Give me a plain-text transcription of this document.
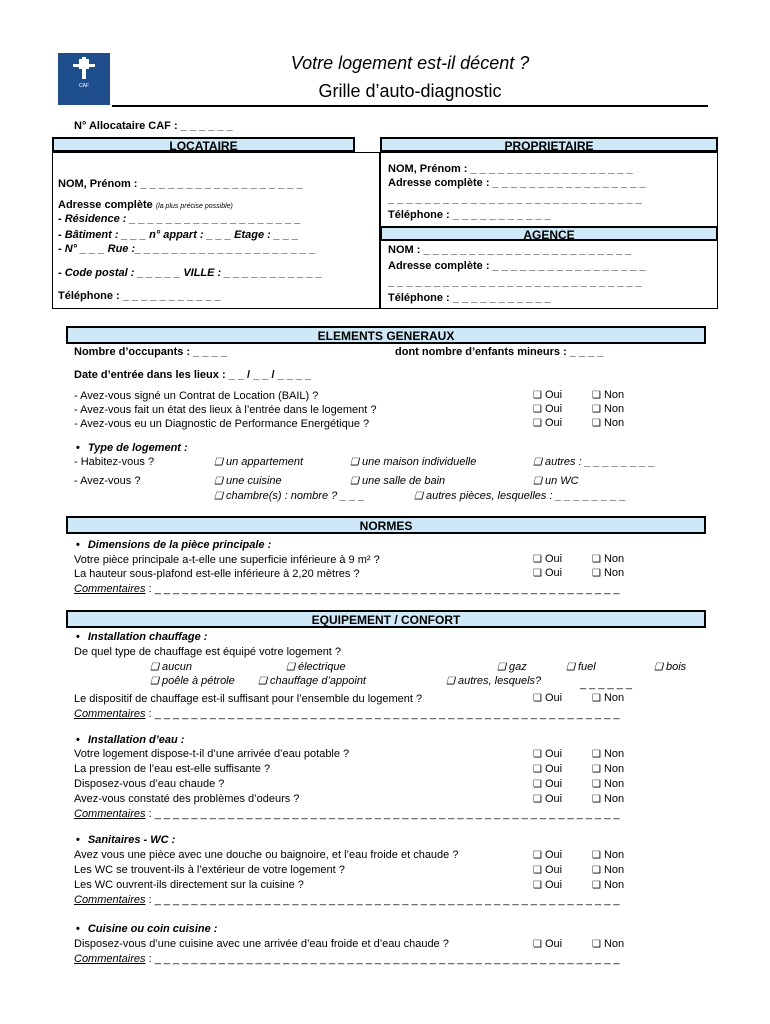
CAF
Votre logement est-il décent ?
Grille d’auto-diagnostic
N° Allocataire CAF : _ _ _ _ _ _
LOCATAIRE	PROPRIETAIRE
NOM, Prénom : _ _ _ _ _ _ _ _ _ _ _ _ _ _ _ _ _ _
Adresse complète (la plus précise possible)
- Résidence : _ _ _ _ _ _ _ _ _ _ _ _ _ _ _ _ _ _ _
- Bâtiment : _ _ _ n° appart : _ _ _ Etage : _ _ _
- N° _ _ _ Rue :_ _ _ _ _ _ _ _ _ _ _ _ _ _ _ _ _ _ _ _
- Code postal : _ _ _ _ _ VILLE : _ _ _ _ _ _ _ _ _ _ _
Téléphone : _ _ _ _ _ _ _ _ _ _ _
NOM, Prénom : _ _ _ _ _ _ _ _ _ _ _ _ _ _ _ _ _ _
Adresse complète : _ _ _ _ _ _ _ _ _ _ _ _ _ _ _ _ _
_ _ _ _ _ _ _ _ _ _ _ _ _ _ _ _ _ _ _ _ _ _ _ _ _ _ _ _
Téléphone : _ _ _ _ _ _ _ _ _ _ _
AGENCE
NOM : _ _ _ _ _ _ _ _ _ _ _ _ _ _ _ _ _ _ _ _ _ _ _
Adresse complète : _ _ _ _ _ _ _ _ _ _ _ _ _ _ _ _ _
_ _ _ _ _ _ _ _ _ _ _ _ _ _ _ _ _ _ _ _ _ _ _ _ _ _ _ _
Téléphone : _ _ _ _ _ _ _ _ _ _ _
ELEMENTS GENERAUX
Nombre d’occupants : _ _ _ _	dont nombre d’enfants mineurs : _ _ _ _
Date d’entrée dans les lieux : _ _ / _ _ / _ _ _ _
- Avez-vous signé un Contrat de Location (BAIL) ?	❑ Oui	❑ Non
- Avez-vous fait un état des lieux à l’entrée dans le logement ?	❑ Oui	❑ Non
- Avez-vous eu un Diagnostic de Performance Energétique ?	❑ Oui	❑ Non
• Type de logement :
- Habitez-vous ?	❑ un appartement	❑ une maison individuelle	❑ autres : _ _ _ _ _ _ _ _
- Avez-vous ?	❑ une cuisine	❑ une salle de bain	❑ un WC
❑ chambre(s) : nombre ? _ _ _	❑ autres pièces, lesquelles : _ _ _ _ _ _ _ _
NORMES
• Dimensions de la pièce principale :
Votre pièce principale a-t-elle une superficie inférieure à 9 m² ?	❑ Oui	❑ Non
La hauteur sous-plafond est-elle inférieure à 2,20 mètres ?	❑ Oui	❑ Non
Commentaires : _ _ _ _ _ _ _ _ _ _ _ _ _ _ _ _ _ _ _ _ _ _ _ _ _ _ _ _ _ _ _ _ _ _ _ _ _ _ _ _ _ _ _ _ _ _ _ _ _ _ _
EQUIPEMENT / CONFORT
• Installation chauffage :
De quel type de chauffage est équipé votre logement ?
❑ aucun	❑ électrique	❑ gaz	❑ fuel	❑ bois
❑ poêle à pétrole	❑ chauffage d’appoint	❑ autres, lesquels?	_ _ _ _ _ _
Le dispositif de chauffage est-il suffisant pour l’ensemble du logement ?	❑ Oui	❑ Non
Commentaires : _ _ _ _ _ _ _ _ _ _ _ _ _ _ _ _ _ _ _ _ _ _ _ _ _ _ _ _ _ _ _ _ _ _ _ _ _ _ _ _ _ _ _ _ _ _ _ _ _ _ _
• Installation d’eau :
Votre logement dispose-t-il d’une arrivée d’eau potable ?	❑ Oui	❑ Non
La pression de l’eau est-elle suffisante ?	❑ Oui	❑ Non
Disposez-vous d’eau chaude ?	❑ Oui	❑ Non
Avez-vous constaté des problèmes d’odeurs ?	❑ Oui	❑ Non
Commentaires : _ _ _ _ _ _ _ _ _ _ _ _ _ _ _ _ _ _ _ _ _ _ _ _ _ _ _ _ _ _ _ _ _ _ _ _ _ _ _ _ _ _ _ _ _ _ _ _ _ _ _
• Sanitaires - WC :
Avez vous une pièce avec une douche ou baignoire, et l’eau froide et chaude ?	❑ Oui	❑ Non
Les WC se trouvent-ils à l’extérieur de votre logement ?	❑ Oui	❑ Non
Les WC ouvrent-ils directement sur la cuisine ?	❑ Oui	❑ Non
Commentaires : _ _ _ _ _ _ _ _ _ _ _ _ _ _ _ _ _ _ _ _ _ _ _ _ _ _ _ _ _ _ _ _ _ _ _ _ _ _ _ _ _ _ _ _ _ _ _ _ _ _ _
• Cuisine ou coin cuisine :
Disposez-vous d’une cuisine avec une arrivée d’eau froide et d’eau chaude ?	❑ Oui	❑ Non
Commentaires : _ _ _ _ _ _ _ _ _ _ _ _ _ _ _ _ _ _ _ _ _ _ _ _ _ _ _ _ _ _ _ _ _ _ _ _ _ _ _ _ _ _ _ _ _ _ _ _ _ _ _
